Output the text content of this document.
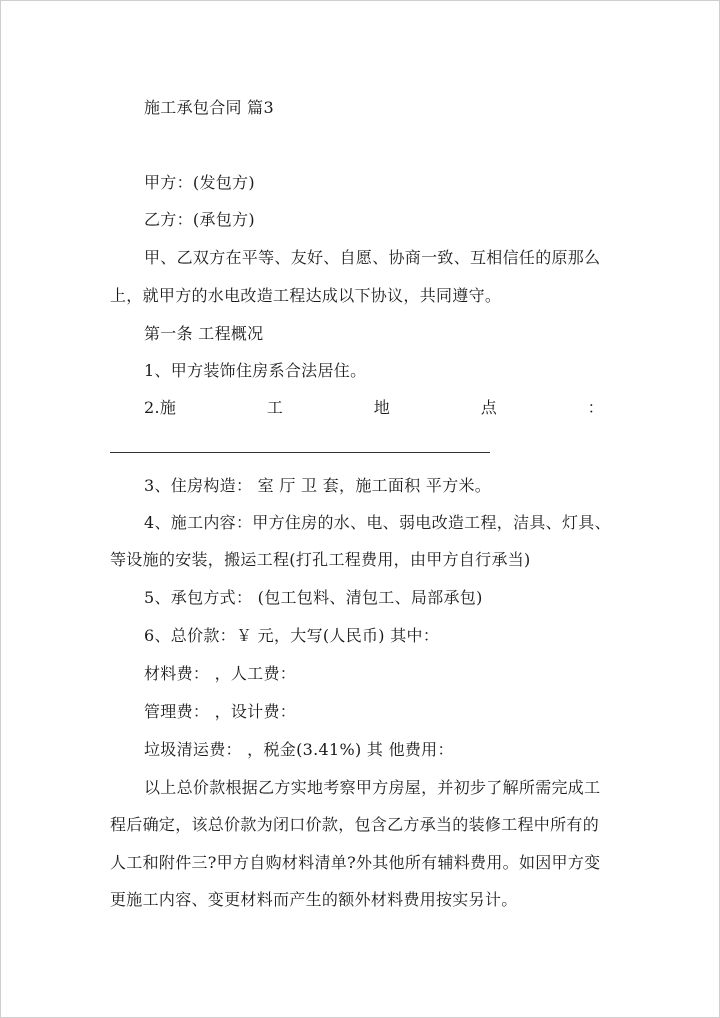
施工承包合同 篇3
甲方：(发包方)
乙方：(承包方)
甲、乙双方在平等、友好、自愿、协商一致、互相信任的原那么
上，就甲方的水电改造工程达成以下协议，共同遵守。
第一条 工程概况
1、甲方装饰住房系合法居住。
2.施	工	地	点	：
3、住房构造： 室 厅 卫 套，施工面积 平方米。
4、施工内容：甲方住房的水、电、弱电改造工程，洁具、灯具、
等设施的安装，搬运工程(打孔工程费用，由甲方自行承当)
5、承包方式： (包工包料、清包工、局部承包)
6、总价款：￥ 元，大写(人民币) 其中：
材料费： ，人工费：
管理费： ，设计费：
垃圾清运费： ，税金(3.41%) 其 他费用：
以上总价款根据乙方实地考察甲方房屋，并初步了解所需完成工
程后确定，该总价款为闭口价款，包含乙方承当的装修工程中所有的
人工和附件三?甲方自购材料清单?外其他所有辅料费用。如因甲方变
更施工内容、变更材料而产生的额外材料费用按实另计。
